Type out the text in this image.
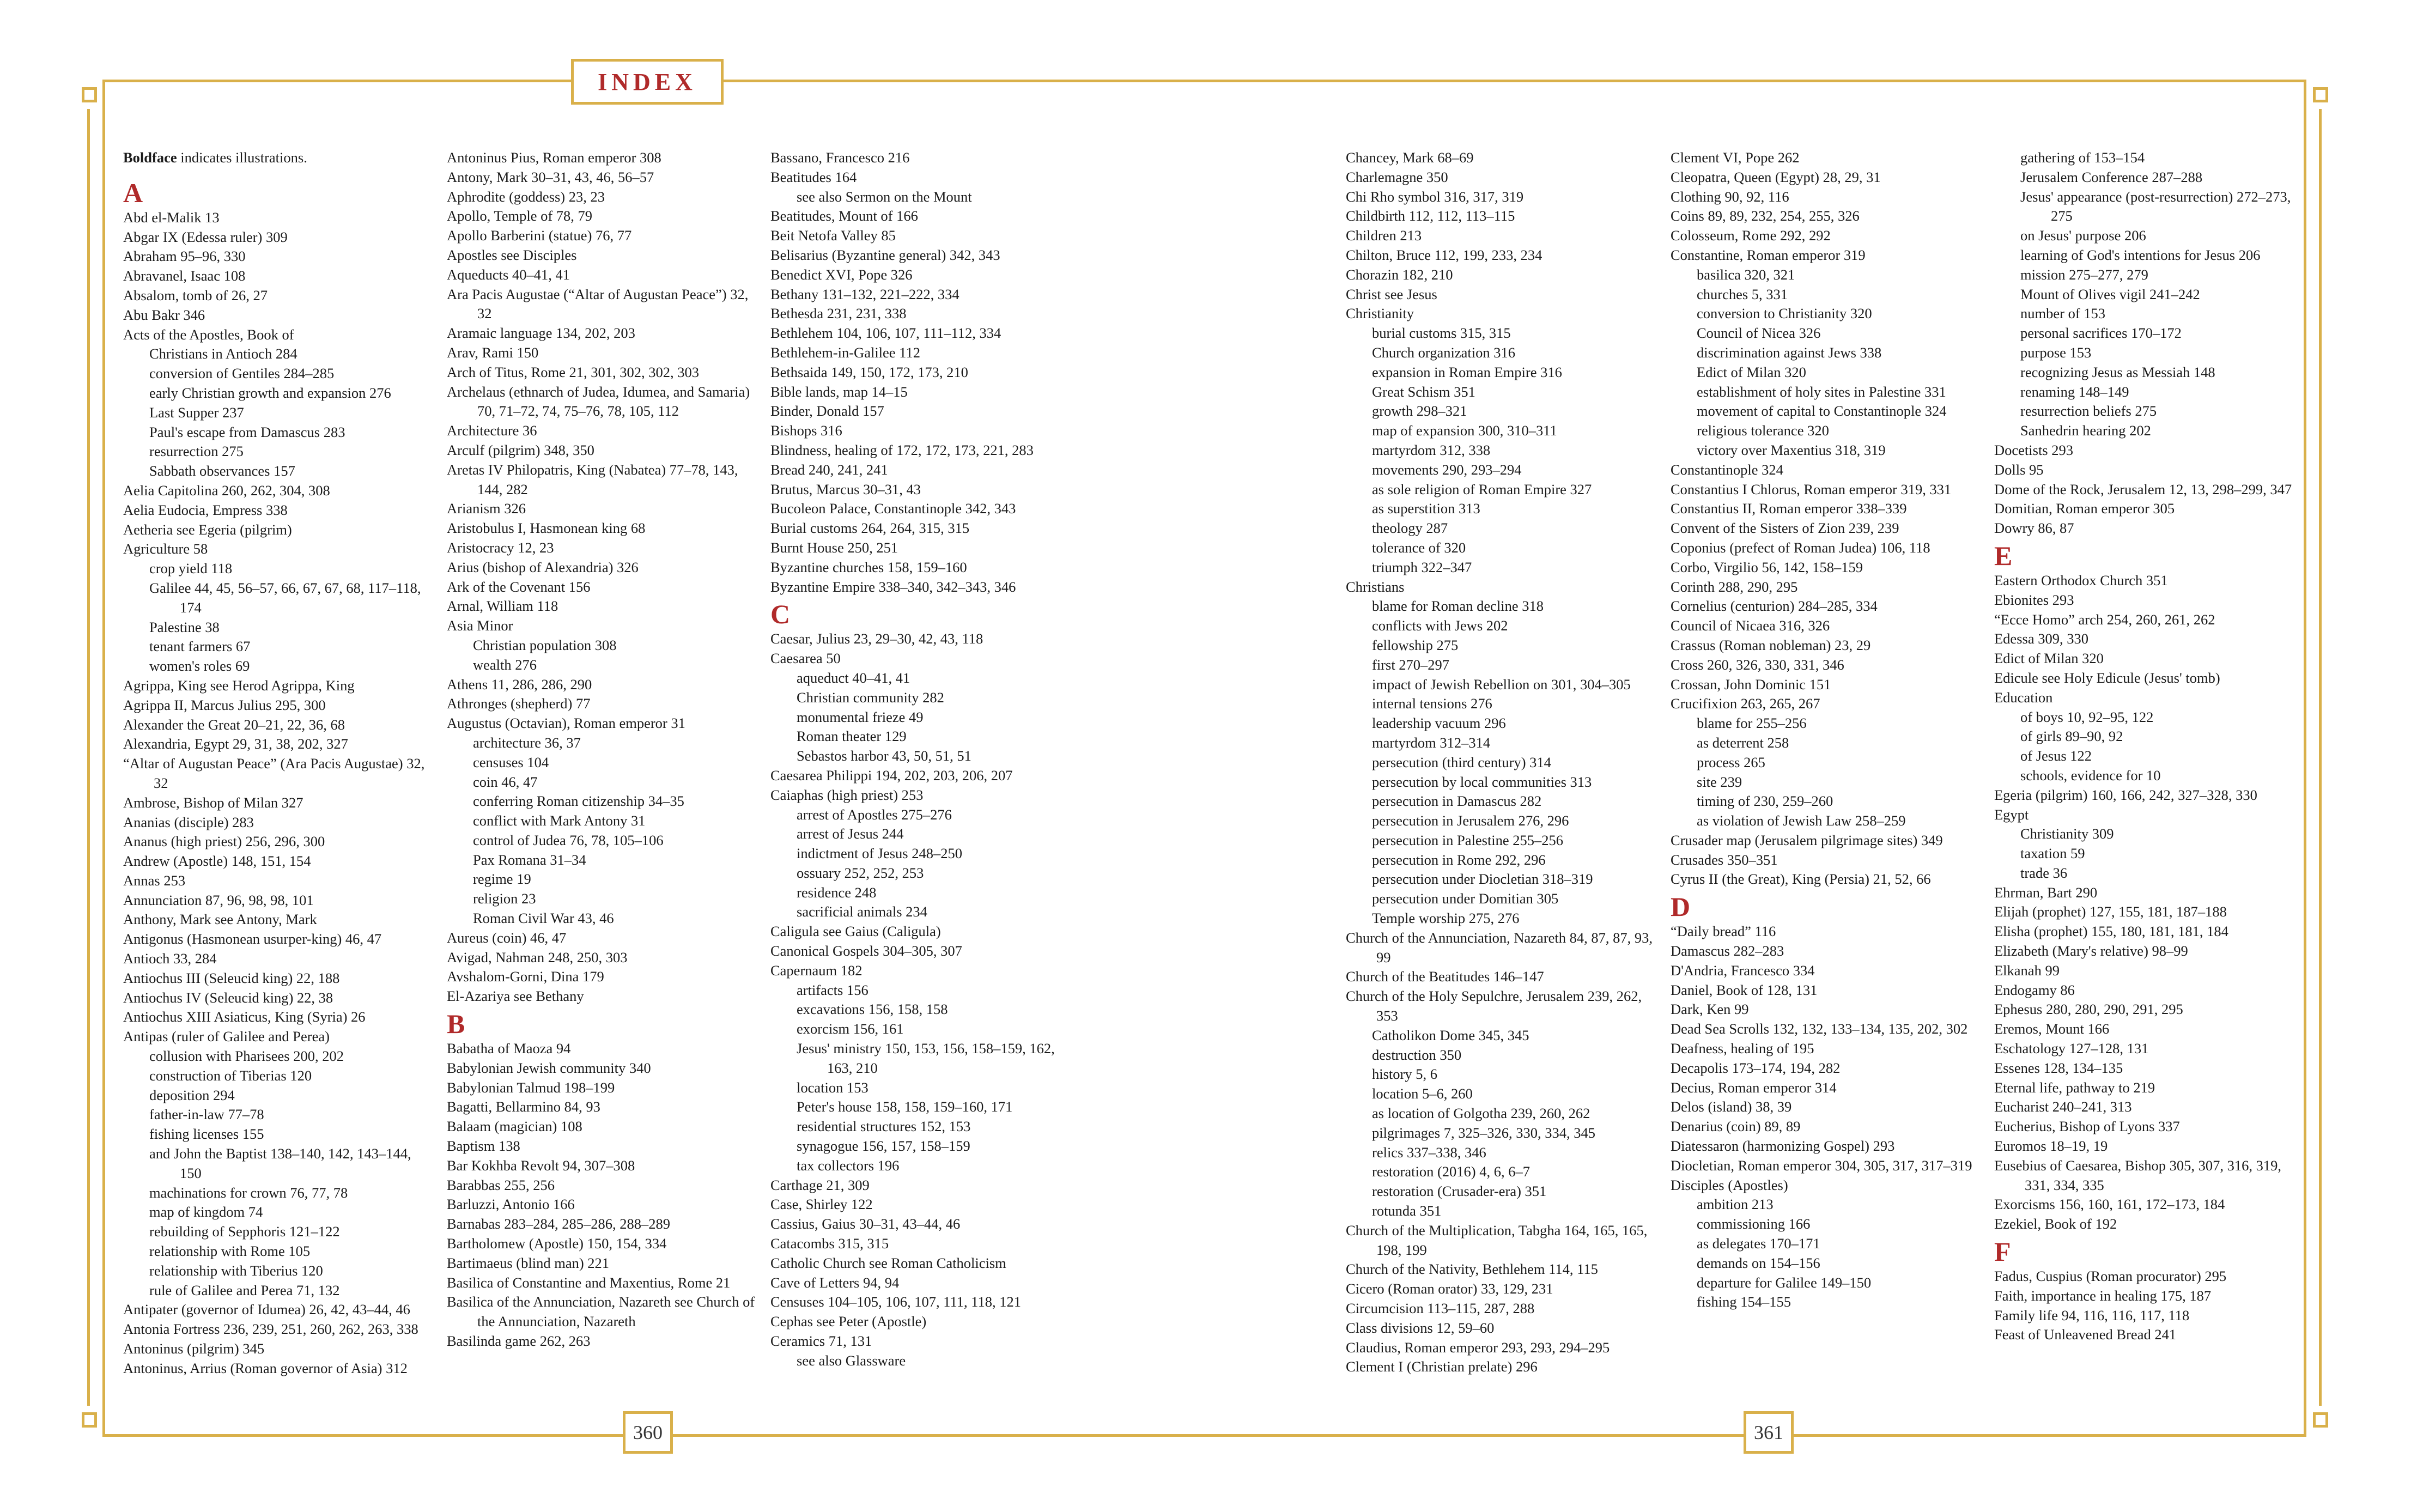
INDEX
360	361

Boldface indicates illustrations.

A

Abd el-Malik 13

Abgar IX (Edessa ruler) 309

Abraham 95–96, 330

Abravanel, Isaac 108

Absalom, tomb of 26, 27

Abu Bakr 346

Acts of the Apostles, Book of

Christians in Antioch 284

conversion of Gentiles 284–285

early Christian growth and expansion 276

Last Supper 237

Paul's escape from Damascus 283

resurrection 275

Sabbath observances 157

Aelia Capitolina 260, 262, 304, 308

Aelia Eudocia, Empress 338

Aetheria see Egeria (pilgrim)

Agriculture 58

crop yield 118

Galilee 44, 45, 56–57, 66, 67, 67, 68, 117–118, 174

Palestine 38

tenant farmers 67

women's roles 69

Agrippa, King see Herod Agrippa, King

Agrippa II, Marcus Julius 295, 300

Alexander the Great 20–21, 22, 36, 68

Alexandria, Egypt 29, 31, 38, 202, 327

“Altar of Augustan Peace” (Ara Pacis Augustae) 32, 32

Ambrose, Bishop of Milan 327

Ananias (disciple) 283

Ananus (high priest) 256, 296, 300

Andrew (Apostle) 148, 151, 154

Annas 253

Annunciation 87, 96, 98, 98, 101

Anthony, Mark see Antony, Mark

Antigonus (Hasmonean usurper-king) 46, 47

Antioch 33, 284

Antiochus III (Seleucid king) 22, 188

Antiochus IV (Seleucid king) 22, 38

Antiochus XIII Asiaticus, King (Syria) 26

Antipas (ruler of Galilee and Perea)

collusion with Pharisees 200, 202

construction of Tiberias 120

deposition 294

father-in-law 77–78

fishing licenses 155

and John the Baptist 138–140, 142, 143–144, 150

machinations for crown 76, 77, 78

map of kingdom 74

rebuilding of Sepphoris 121–122

relationship with Rome 105

relationship with Tiberius 120

rule of Galilee and Perea 71, 132

Antipater (governor of Idumea) 26, 42, 43–44, 46

Antonia Fortress 236, 239, 251, 260, 262, 263, 338

Antoninus (pilgrim) 345

Antoninus, Arrius (Roman governor of Asia) 312

Antoninus Pius, Roman emperor 308

Antony, Mark 30–31, 43, 46, 56–57

Aphrodite (goddess) 23, 23

Apollo, Temple of 78, 79

Apollo Barberini (statue) 76, 77

Apostles see Disciples

Aqueducts 40–41, 41

Ara Pacis Augustae (“Altar of Augustan Peace”) 32, 32

Aramaic language 134, 202, 203

Arav, Rami 150

Arch of Titus, Rome 21, 301, 302, 302, 303

Archelaus (ethnarch of Judea, Idumea, and Samaria) 70, 71–72, 74, 75–76, 78, 105, 112

Architecture 36

Arculf (pilgrim) 348, 350

Aretas IV Philopatris, King (Nabatea) 77–78, 143, 144, 282

Arianism 326

Aristobulus I, Hasmonean king 68

Aristocracy 12, 23

Arius (bishop of Alexandria) 326

Ark of the Covenant 156

Arnal, William 118

Asia Minor

Christian population 308

wealth 276

Athens 11, 286, 286, 290

Athronges (shepherd) 77

Augustus (Octavian), Roman emperor 31

architecture 36, 37

censuses 104

coin 46, 47

conferring Roman citizenship 34–35

conflict with Mark Antony 31

control of Judea 76, 78, 105–106

Pax Romana 31–34

regime 19

religion 23

Roman Civil War 43, 46

Aureus (coin) 46, 47

Avigad, Nahman 248, 250, 303

Avshalom-Gorni, Dina 179

El-Azariya see Bethany

B

Babatha of Maoza 94

Babylonian Jewish community 340

Babylonian Talmud 198–199

Bagatti, Bellarmino 84, 93

Balaam (magician) 108

Baptism 138

Bar Kokhba Revolt 94, 307–308

Barabbas 255, 256

Barluzzi, Antonio 166

Barnabas 283–284, 285–286, 288–289

Bartholomew (Apostle) 150, 154, 334

Bartimaeus (blind man) 221

Basilica of Constantine and Maxentius, Rome 21

Basilica of the Annunciation, Nazareth see Church of the Annunciation, Nazareth

Basilinda game 262, 263

Bassano, Francesco 216

Beatitudes 164

see also Sermon on the Mount

Beatitudes, Mount of 166

Beit Netofa Valley 85

Belisarius (Byzantine general) 342, 343

Benedict XVI, Pope 326

Bethany 131–132, 221–222, 334

Bethesda 231, 231, 338

Bethlehem 104, 106, 107, 111–112, 334

Bethlehem-in-Galilee 112

Bethsaida 149, 150, 172, 173, 210

Bible lands, map 14–15

Binder, Donald 157

Bishops 316

Blindness, healing of 172, 172, 173, 221, 283

Bread 240, 241, 241

Brutus, Marcus 30–31, 43

Bucoleon Palace, Constantinople 342, 343

Burial customs 264, 264, 315, 315

Burnt House 250, 251

Byzantine churches 158, 159–160

Byzantine Empire 338–340, 342–343, 346

C

Caesar, Julius 23, 29–30, 42, 43, 118

Caesarea 50

aqueduct 40–41, 41

Christian community 282

monumental frieze 49

Roman theater 129

Sebastos harbor 43, 50, 51, 51

Caesarea Philippi 194, 202, 203, 206, 207

Caiaphas (high priest) 253

arrest of Apostles 275–276

arrest of Jesus 244

indictment of Jesus 248–250

ossuary 252, 252, 253

residence 248

sacrificial animals 234

Caligula see Gaius (Caligula)

Canonical Gospels 304–305, 307

Capernaum 182

artifacts 156

excavations 156, 158, 158

exorcism 156, 161

Jesus' ministry 150, 153, 156, 158–159, 162, 163, 210

location 153

Peter's house 158, 158, 159–160, 171

residential structures 152, 153

synagogue 156, 157, 158–159

tax collectors 196

Carthage 21, 309

Case, Shirley 122

Cassius, Gaius 30–31, 43–44, 46

Catacombs 315, 315

Catholic Church see Roman Catholicism

Cave of Letters 94, 94

Censuses 104–105, 106, 107, 111, 118, 121

Cephas see Peter (Apostle)

Ceramics 71, 131

see also Glassware

Chancey, Mark 68–69

Charlemagne 350

Chi Rho symbol 316, 317, 319

Childbirth 112, 112, 113–115

Children 213

Chilton, Bruce 112, 199, 233, 234

Chorazin 182, 210

Christ see Jesus

Christianity

burial customs 315, 315

Church organization 316

expansion in Roman Empire 316

Great Schism 351

growth 298–321

map of expansion 300, 310–311

martyrdom 312, 338

movements 290, 293–294

as sole religion of Roman Empire 327

as superstition 313

theology 287

tolerance of 320

triumph 322–347

Christians

blame for Roman decline 318

conflicts with Jews 202

fellowship 275

first 270–297

impact of Jewish Rebellion on 301, 304–305

internal tensions 276

leadership vacuum 296

martyrdom 312–314

persecution (third century) 314

persecution by local communities 313

persecution in Damascus 282

persecution in Jerusalem 276, 296

persecution in Palestine 255–256

persecution in Rome 292, 296

persecution under Diocletian 318–319

persecution under Domitian 305

Temple worship 275, 276

Church of the Annunciation, Nazareth 84, 87, 87, 93, 99

Church of the Beatitudes 146–147

Church of the Holy Sepulchre, Jerusalem 239, 262, 353

Catholikon Dome 345, 345

destruction 350

history 5, 6

location 5–6, 260

as location of Golgotha 239, 260, 262

pilgrimages 7, 325–326, 330, 334, 345

relics 337–338, 346

restoration (2016) 4, 6, 6–7

restoration (Crusader-era) 351

rotunda 351

Church of the Multiplication, Tabgha 164, 165, 165, 198, 199

Church of the Nativity, Bethlehem 114, 115

Cicero (Roman orator) 33, 129, 231

Circumcision 113–115, 287, 288

Class divisions 12, 59–60

Claudius, Roman emperor 293, 293, 294–295

Clement I (Christian prelate) 296

Clement VI, Pope 262

Cleopatra, Queen (Egypt) 28, 29, 31

Clothing 90, 92, 116

Coins 89, 89, 232, 254, 255, 326

Colosseum, Rome 292, 292

Constantine, Roman emperor 319

basilica 320, 321

churches 5, 331

conversion to Christianity 320

Council of Nicea 326

discrimination against Jews 338

Edict of Milan 320

establishment of holy sites in Palestine 331

movement of capital to Constantinople 324

religious tolerance 320

victory over Maxentius 318, 319

Constantinople 324

Constantius I Chlorus, Roman emperor 319, 331

Constantius II, Roman emperor 338–339

Convent of the Sisters of Zion 239, 239

Coponius (prefect of Roman Judea) 106, 118

Corbo, Virgilio 56, 142, 158–159

Corinth 288, 290, 295

Cornelius (centurion) 284–285, 334

Council of Nicaea 316, 326

Crassus (Roman nobleman) 23, 29

Cross 260, 326, 330, 331, 346

Crossan, John Dominic 151

Crucifixion 263, 265, 267

blame for 255–256

as deterrent 258

process 265

site 239

timing of 230, 259–260

as violation of Jewish Law 258–259

Crusader map (Jerusalem pilgrimage sites) 349

Crusades 350–351

Cyrus II (the Great), King (Persia) 21, 52, 66

D

“Daily bread” 116

Damascus 282–283

D'Andria, Francesco 334

Daniel, Book of 128, 131

Dark, Ken 99

Dead Sea Scrolls 132, 132, 133–134, 135, 202, 302

Deafness, healing of 195

Decapolis 173–174, 194, 282

Decius, Roman emperor 314

Delos (island) 38, 39

Denarius (coin) 89, 89

Diatessaron (harmonizing Gospel) 293

Diocletian, Roman emperor 304, 305, 317, 317–319

Disciples (Apostles)

ambition 213

commissioning 166

as delegates 170–171

demands on 154–156

departure for Galilee 149–150

fishing 154–155

gathering of 153–154

Jerusalem Conference 287–288

Jesus' appearance (post-resurrection) 272–273, 275

on Jesus' purpose 206

learning of God's intentions for Jesus 206

mission 275–277, 279

Mount of Olives vigil 241–242

number of 153

personal sacrifices 170–172

purpose 153

recognizing Jesus as Messiah 148

renaming 148–149

resurrection beliefs 275

Sanhedrin hearing 202

Docetists 293

Dolls 95

Dome of the Rock, Jerusalem 12, 13, 298–299, 347

Domitian, Roman emperor 305

Dowry 86, 87

E

Eastern Orthodox Church 351

Ebionites 293

“Ecce Homo” arch 254, 260, 261, 262

Edessa 309, 330

Edict of Milan 320

Edicule see Holy Edicule (Jesus' tomb)

Education

of boys 10, 92–95, 122

of girls 89–90, 92

of Jesus 122

schools, evidence for 10

Egeria (pilgrim) 160, 166, 242, 327–328, 330

Egypt

Christianity 309

taxation 59

trade 36

Ehrman, Bart 290

Elijah (prophet) 127, 155, 181, 187–188

Elisha (prophet) 155, 180, 181, 181, 184

Elizabeth (Mary's relative) 98–99

Elkanah 99

Endogamy 86

Ephesus 280, 280, 290, 291, 295

Eremos, Mount 166

Eschatology 127–128, 131

Essenes 128, 134–135

Eternal life, pathway to 219

Eucharist 240–241, 313

Eucherius, Bishop of Lyons 337

Euromos 18–19, 19

Eusebius of Caesarea, Bishop 305, 307, 316, 319, 331, 334, 335

Exorcisms 156, 160, 161, 172–173, 184

Ezekiel, Book of 192

F

Fadus, Cuspius (Roman procurator) 295

Faith, importance in healing 175, 187

Family life 94, 116, 116, 117, 118

Feast of Unleavened Bread 241
